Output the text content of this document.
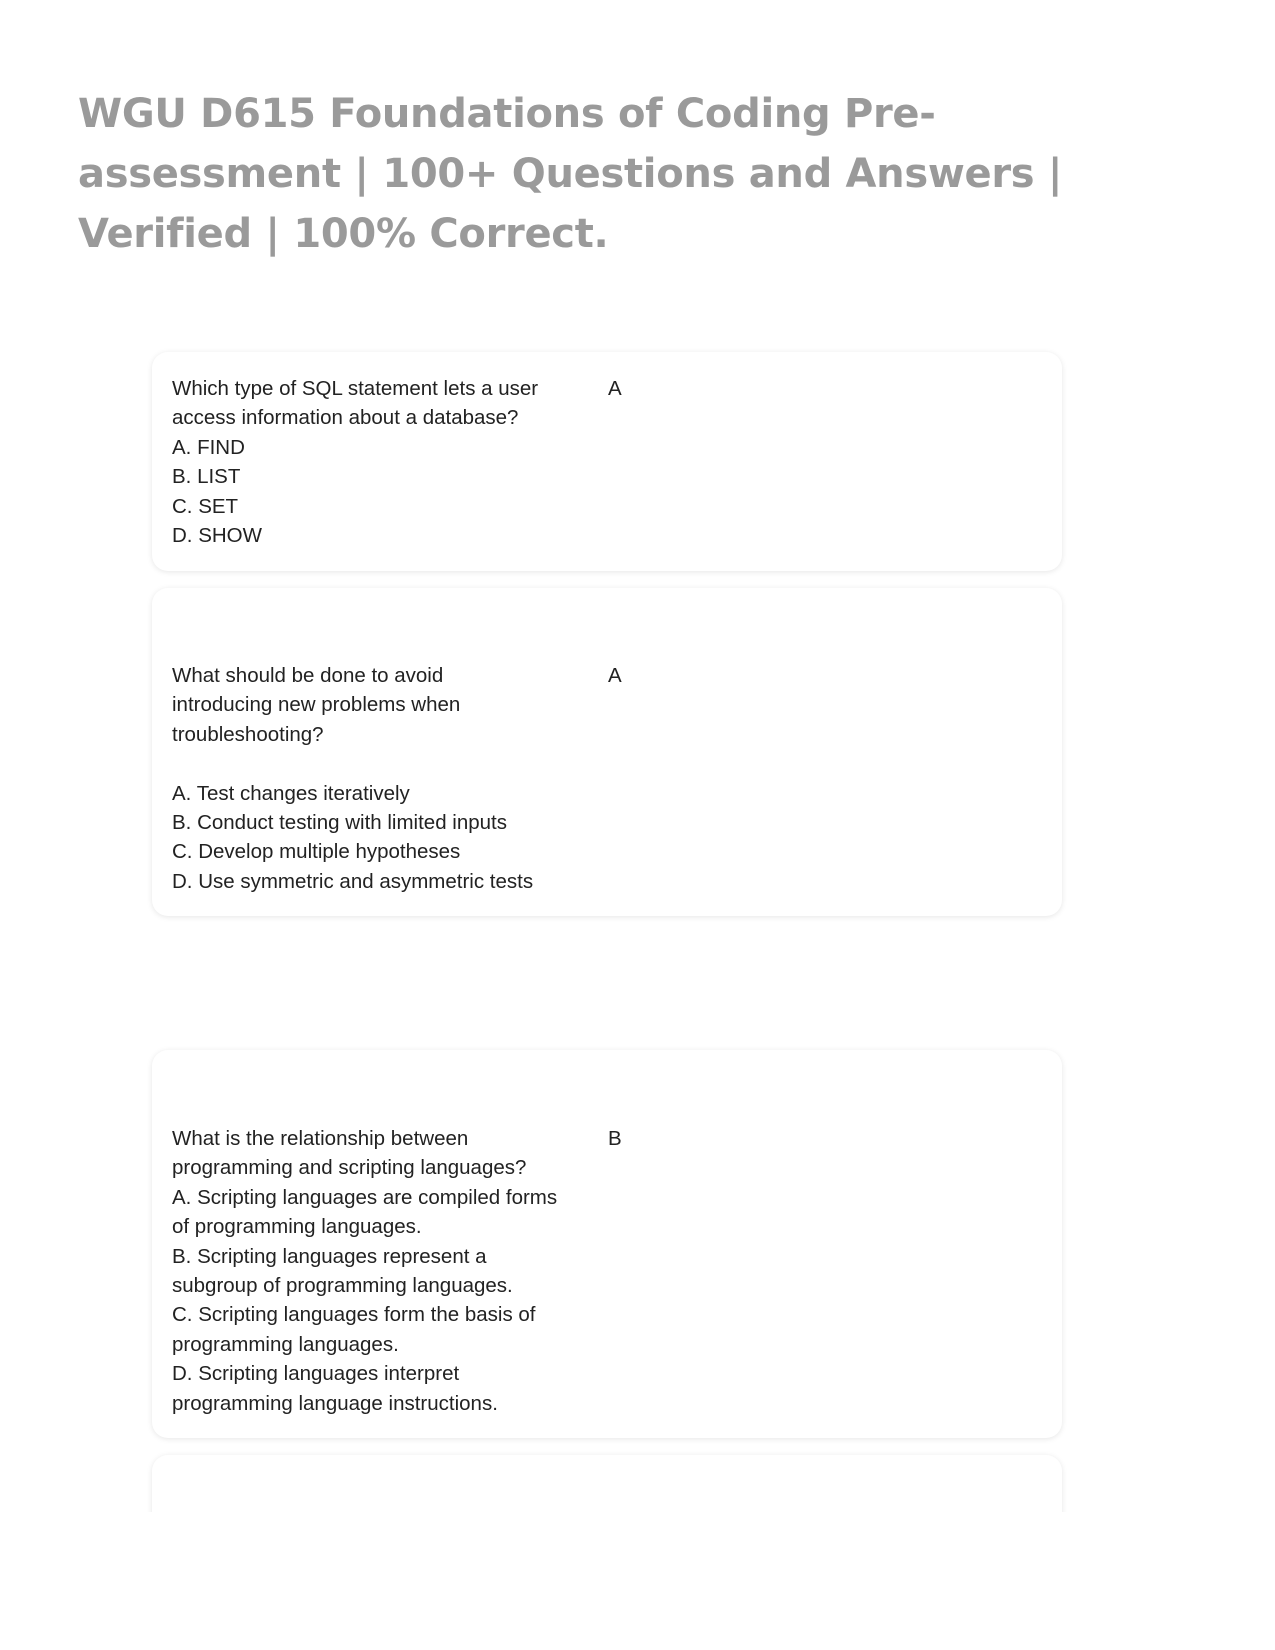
WGU D615 Foundations of Coding Pre-assessment | 100+ Questions and Answers | Verified | 100% Correct.
Which type of SQL statement lets a user
access information about a database?
A. FIND
B. LIST
C. SET
D. SHOW
A
What should be done to avoid
introducing new problems when
troubleshooting?

A. Test changes iteratively
B. Conduct testing with limited inputs
C. Develop multiple hypotheses
D. Use symmetric and asymmetric tests
A
What is the relationship between
programming and scripting languages?
A. Scripting languages are compiled forms
of programming languages.
B. Scripting languages represent a
subgroup of programming languages.
C. Scripting languages form the basis of
programming languages.
D. Scripting languages interpret
programming language instructions.
B
